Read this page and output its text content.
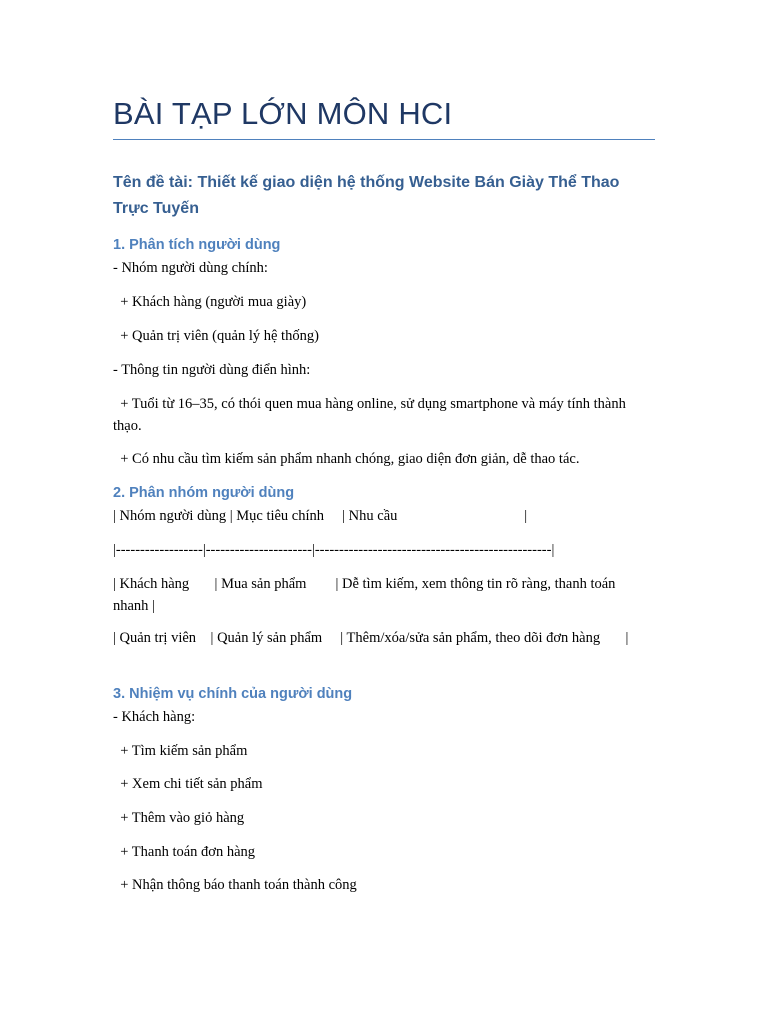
BÀI TẠP LỚN MÔN HCI
Tên đề tài: Thiết kế giao diện hệ thống Website Bán Giày Thể Thao Trực Tuyến
1. Phân tích người dùng
- Nhóm người dùng chính:
+ Khách hàng (người mua giày)
+ Quản trị viên (quản lý hệ thống)
- Thông tin người dùng điển hình:
+ Tuổi từ 16–35, có thói quen mua hàng online, sử dụng smartphone và máy tính thành thạo.
+ Có nhu cầu tìm kiếm sản phẩm nhanh chóng, giao diện đơn giản, dễ thao tác.
2. Phân nhóm người dùng
| Nhóm người dùng | Mục tiêu chính     | Nhu cầu                                   |
|------------------|----------------------|-------------------------------------------------|
| Khách hàng       | Mua sản phẩm        | Dễ tìm kiếm, xem thông tin rõ ràng, thanh toán nhanh |
| Quản trị viên    | Quản lý sản phẩm     | Thêm/xóa/sửa sản phẩm, theo dõi đơn hàng       |
3. Nhiệm vụ chính của người dùng
- Khách hàng:
+ Tìm kiếm sản phẩm
+ Xem chi tiết sản phẩm
+ Thêm vào giỏ hàng
+ Thanh toán đơn hàng
+ Nhận thông báo thanh toán thành công
